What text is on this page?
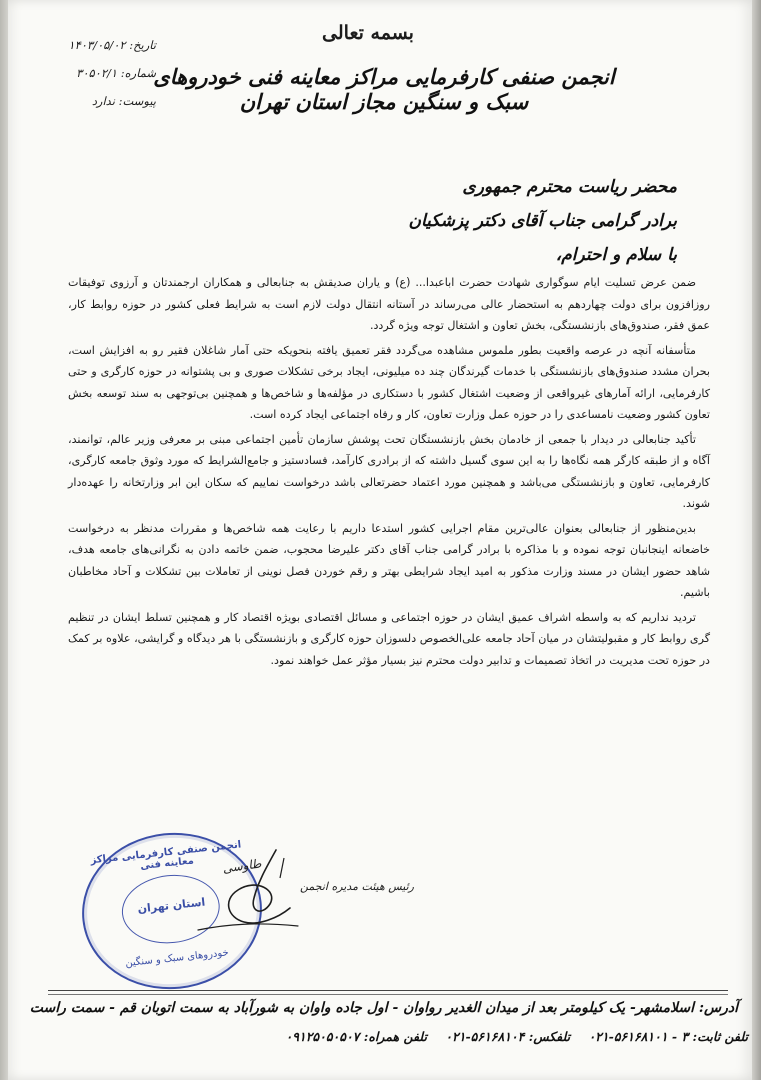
بسمه تعالی
تاریخ: ۱۴۰۳/۰۵/۰۲
شماره: ۳۰۵۰۲/۱
پیوست: ندارد
انجمن صنفی کارفرمایی مراکز معاینه فنی خودروهای سبک و سنگین مجاز استان تهران
محضر ریاست محترم جمهوری
برادر گرامی جناب آقای دکتر پزشکیان
با سلام و احترام،

ضمن عرض تسلیت ایام سوگواری شهادت حضرت اباعبدا... (ع) و یاران صدیقش به جنابعالی و همکاران ارجمندتان و آرزوی توفیقات روزافزون برای دولت چهاردهم به استحضار عالی می‌رساند در آستانه انتقال دولت لازم است به شرایط فعلی کشور در حوزه روابط کار، عمق فقر، صندوق‌های بازنشستگی، بخش تعاون و اشتغال توجه ویژه گردد.

متأسفانه آنچه در عرصه واقعیت بطور ملموس مشاهده می‌گردد فقر تعمیق یافته بنحویکه حتی آمار شاغلان فقیر رو به افزایش است، بحران مشدد صندوق‌های بازنشستگی با خدمات گیرندگان چند ده میلیونی، ایجاد برخی تشکلات صوری و بی پشتوانه در حوزه کارگری و حتی کارفرمایی، ارائه آمارهای غیرواقعی از وضعیت اشتغال کشور با دستکاری در مؤلفه‌ها و شاخص‌ها و همچنین بی‌توجهی به سند توسعه بخش تعاون کشور وضعیت نامساعدی را در حوزه عمل وزارت تعاون، کار و رفاه اجتماعی ایجاد کرده است.

تأکید جنابعالی در دیدار با جمعی از خادمان بخش بازنشستگان تحت پوشش سازمان تأمین اجتماعی مبنی بر معرفی وزیر عالم، توانمند، آگاه و از طبقه کارگر همه نگاه‌ها را به این سوی گسیل داشته که از برادری کارآمد، فسادستیز و جامع‌الشرایط که مورد وثوق جامعه کارگری، کارفرمایی، تعاون و بازنشستگی می‌باشد و همچنین مورد اعتماد حضرتعالی باشد درخواست نماییم که سکان این ابر وزارتخانه را عهده‌دار شوند.

بدین‌منظور از جنابعالی بعنوان عالی‌ترین مقام اجرایی کشور استدعا داریم با رعایت همه شاخص‌ها و مقررات مدنظر به درخواست خاضعانه اینجانبان توجه نموده و با مذاکره با برادر گرامی جناب آقای دکتر علیرضا محجوب، ضمن خاتمه دادن به نگرانی‌های جامعه هدف، شاهد حضور ایشان در مسند وزارت مذکور به امید ایجاد شرایطی بهتر و رقم خوردن فصل نوینی از تعاملات بین تشکلات و آحاد مخاطبان باشیم.

تردید نداریم که به واسطه اشراف عمیق ایشان در حوزه اجتماعی و مسائل اقتصادی بویژه اقتصاد کار و همچنین تسلط ایشان در تنظیم گری روابط کار و مقبولیتشان در میان آحاد جامعه علی‌الخصوص دلسوزان حوزه کارگری و بازنشستگی با هر دیدگاه و گرایشی، علاوه بر کمک در حوزه تحت مدیریت در اتخاذ تصمیمات و تدابیر دولت محترم نیز بسیار مؤثر عمل خواهند نمود.

انجمن صنفی کارفرمایی مراکز معاینه فنی
استان تهران
خودروهای سبک و سنگین
رئیس هیئت مدیره انجمن
طاوسی
آدرس: اسلامشهر- یک کیلومتر بعد از میدان الغدیر رواوان - اول جاده واوان به شورآباد به سمت اتوبان قم - سمت راست
تلفن ثابت: ۳ - ۵۶۱۶۸۱۰۱-۰۲۱ تلفکس: ۵۶۱۶۸۱۰۴-۰۲۱ تلفن همراه: ۰۹۱۲۵۰۵۰۵۰۷
